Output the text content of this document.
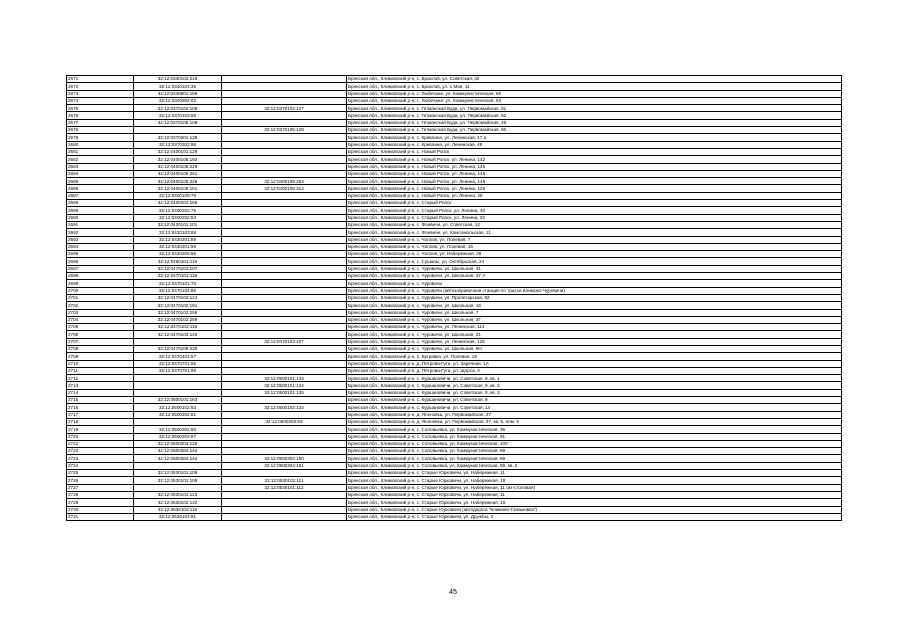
2671	32:12:0340103:216		Брянская обл., Климовский р-н, с. Брахлов, ул. Советская, 42
2672	32:12:0340104:35		Брянская обл., Климовский р-н, с. Брахлов, ул. 1 Мая, 11
2673	32:12:0340801:196		Брянская обл., Климовский р-н, с. Любечане, ул. Коммунистическая, 56
2674	32:12:0340802:63		Брянская обл., Климовский р-н, с. Любечане, ул. Коммунистическая, 53
2675	32:12:0370102:108	32:12:0370102:127	Брянская обл., Климовский р-н, с. Гетманская Буда, ул. Первомайская, 81
2676	32:12:0370103:89		Брянская обл., Климовский р-н, с. Гетманская Буда, ул. Первомайская, 82
2677	32:12:0370105:108		Брянская обл., Климовский р-н, с. Гетманская Буда, ул. Первомайская, 25
2678		32:12:0370105:128	Брянская обл., Климовский р-н, с. Гетманская Буда, ул. Первомайская, 80
2679	32:12:0370301:138		Брянская обл., Климовский р-н, с. Кревлина, ул. Ленинская, 17 а
2680	32:12:0370302:86		Брянская обл., Климовский р-н, с. Кревлина, ул. Ленинская, 48
2681	32:12:0400101:129		Брянская обл., Климовский р-н, с. Новый Ропск
2682	32:12:0400105:193		Брянская обл., Климовский р-н, с. Новый Ропск, ул. Ленина, 142
2683	32:12:0400106:228		Брянская обл., Климовский р-н, с. Новый Ропск, ул. Ленина, 145
2684	32:12:0400106:251		Брянская обл., Климовский р-н, с. Новый Ропск, ул. Ленина, 145
2685	32:12:0400105:226	32:12:0400105:253	Брянская обл., Климовский р-н, с. Новый Ропск, ул. Ленина, 145
2686	32:12:0400108:181	32:12:0400108:312	Брянская обл., Климовский р-н, с. Новый Ропск, ул. Ленина, 126
2687	32:12:0400109:76		Брянская обл., Климовский р-н, с. Новый Ропск, ул. Ленина, 28
2688	32:12:0400201:168		Брянская обл., Климовский р-н, с. Старый Ропск
2689	32:12:0400202:75		Брянская обл., Климовский р-н, с. Старый Ропск, ул. Ленина, 43
2690	32:12:0400202:93		Брянская обл., Климовский р-н, с. Старый Ропск, ул. Ленина, 33
2691	32:12:0420101:101		Брянская обл., Климовский р-н, с. Фоевичи, ул. Советская, 12
2692	32:12:0420103:68		Брянская обл., Климовский р-н, с. Фоевичи, ул. Комсомольская, 11
2693	32:12:0430201:89		Брянская обл., Климовский р-н, с. Чолхов, ул. Попевая, 7
2694	32:12:0430201:98		Брянская обл., Климовский р-н, с. Чолхов, ул. Попевая, 15
2695	32:12:0430206:56		Брянская обл., Климовский р-н, с. Чолхов, ул. Набережная, 26
2696	32:12:0450101:119		Брянская обл., Климовский р-н, с. Сушаны, ул. Октябрьская, 24
2697	32:12:0470101:107		Брянская обл., Климовский р-н, с. Чуровичи, ул. Школьная, 41
2698	32:12:0470101:118		Брянская обл., Климовский р-н, с. Чуровичи, ул. Школьная, 37 А
2699	32:12:0470101:70		Брянская обл., Климовский р-н, с. Чуровичи
2700	32:12:0470104:86		Брянская обл., Климовский р-н, с. Чуровичи (автозаправочная станция по трассе Климово-Чуровичи)
2701	32:12:0470102:124		Брянская обл., Климовский р-н, с. Чуровичи, ул. Пролетарская, 92
2702	32:12:0470102:191		Брянская обл., Климовский р-н, с. Чуровичи, ул. Школьная, 16
2703	32:12:0470102:256		Брянская обл., Климовский р-н, с. Чуровичи, ул. Школьная, 7
2704	32:12:0470102:259		Брянская обл., Климовский р-н, с. Чуровичи, ул. Школьная, 2Г
2705	32:12:0470103:118		Брянская обл., Климовский р-н, с. Чуровичи, ул. Ленинская, 114
2706	32:12:0470103:145		Брянская обл., Климовский р-н, с. Чуровичи, ул. Школьная, 21
2707		32:12:0470103:207	Брянская обл., Климовский р-н, с. Чуровичи, ул. Ленинская, 126
2708	32:12:0470106:230		Брянская обл., Климовский р-н, с. Чуровичи, ул. Школьная, 8Н
2709	32:12:0470401:57		Брянская обл., Климовский р-н, п. Бугравка, ул. Полевая, 19
2710	32:12:0470701:95		Брянская обл., Климовский р-н, д. Петрова-Гута, ул. Заречная, 1А
2711	32:12:0470701:98		Брянская обл., Климовский р-н, д. Петрова-Гута, ул. Щорса, 3
2712		32:12:0500101:133	Брянская обл., Климовский р-н, с. Куршановичи, ул. Советская, 9, кв. 1
2713		32:12:0500101:134	Брянская обл., Климовский р-н, с. Куршановичи, ул. Советская, 9, кв. 2
2714		32:12:0500101:135	Брянская обл., Климовский р-н, с. Куршановичи, ул. Советская, 9, кв. 3
2715	32:12:0500101:163		Брянская обл., Климовский р-н, с. Куршановичи, ул. Советская, 9
2716	32:12:0500102:63	32:12:0500102:134	Брянская обл., Климовский р-н, с. Куршановичи, ул. Советская, 14
2717	32:12:0500202:81		Брянская обл., Климовский р-н, д. Ясеновка, ул. Первомайская, 37
2718		32:12:0500202:83	Брянская обл., Климовский р-н, д. Ясеновка, ул. Первомайская, 37, кв. 5, пом. 5
2719	32:12:0500302:60		Брянская обл., Климовский р-н, с. Соловьевка, ул. Коммунистическая, 35
2720	32:12:0500302:87		Брянская обл., Климовский р-н, с. Соловьевка, ул. Коммунистическая, 91
2721	32:12:0500304:129		Брянская обл., Климовский р-н, с. Соловьевка, ул. Коммунистическая, 100
2722	32:12:0500304:142		Брянская обл., Климовский р-н, с. Соловьевка, ул. Коммунистическая, 89
2723	32:12:0500304:142	32:12:0500304:150	Брянская обл., Климовский р-н, с. Соловьевка, ул. Коммунистическая, 89
2724		32:12:0500304:151	Брянская обл., Климовский р-н, с. Соловьевка, ул. Коммунистическая, 89, кв. 2
2725	32:12:0530101:108		Брянская обл., Климовский р-н, с. Старые Юрковичи, ул. Набережная, 11
2726	32:12:0530101:108	32:12:0530101:111	Брянская обл., Климовский р-н, с. Старые Юрковичи, ул. Набережная, 18
2727		32:12:0530101:112	Брянская обл., Климовский р-н, с. Старые Юрковичи, ул. Набережная, 11 (из-столовая)
2728	32:12:0530101:123		Брянская обл., Климовский р-н, с. Старые Юрковичи, ул. Набережная, 11
2729	32:12:0530102:132		Брянская обл., Климовский р-н, с. Старые Юрковичи, ул. Набережная, 10
2730	32:12:0530103:116		Брянская обл., Климовский р-н, с. Старые Юрковичи (автодорога "Климово-Семьковка")
2731	32:12:0520104:81		Брянская обл., Климовский р-н, с. Старые Юрковичи, ул. Дружбы, 3
45
